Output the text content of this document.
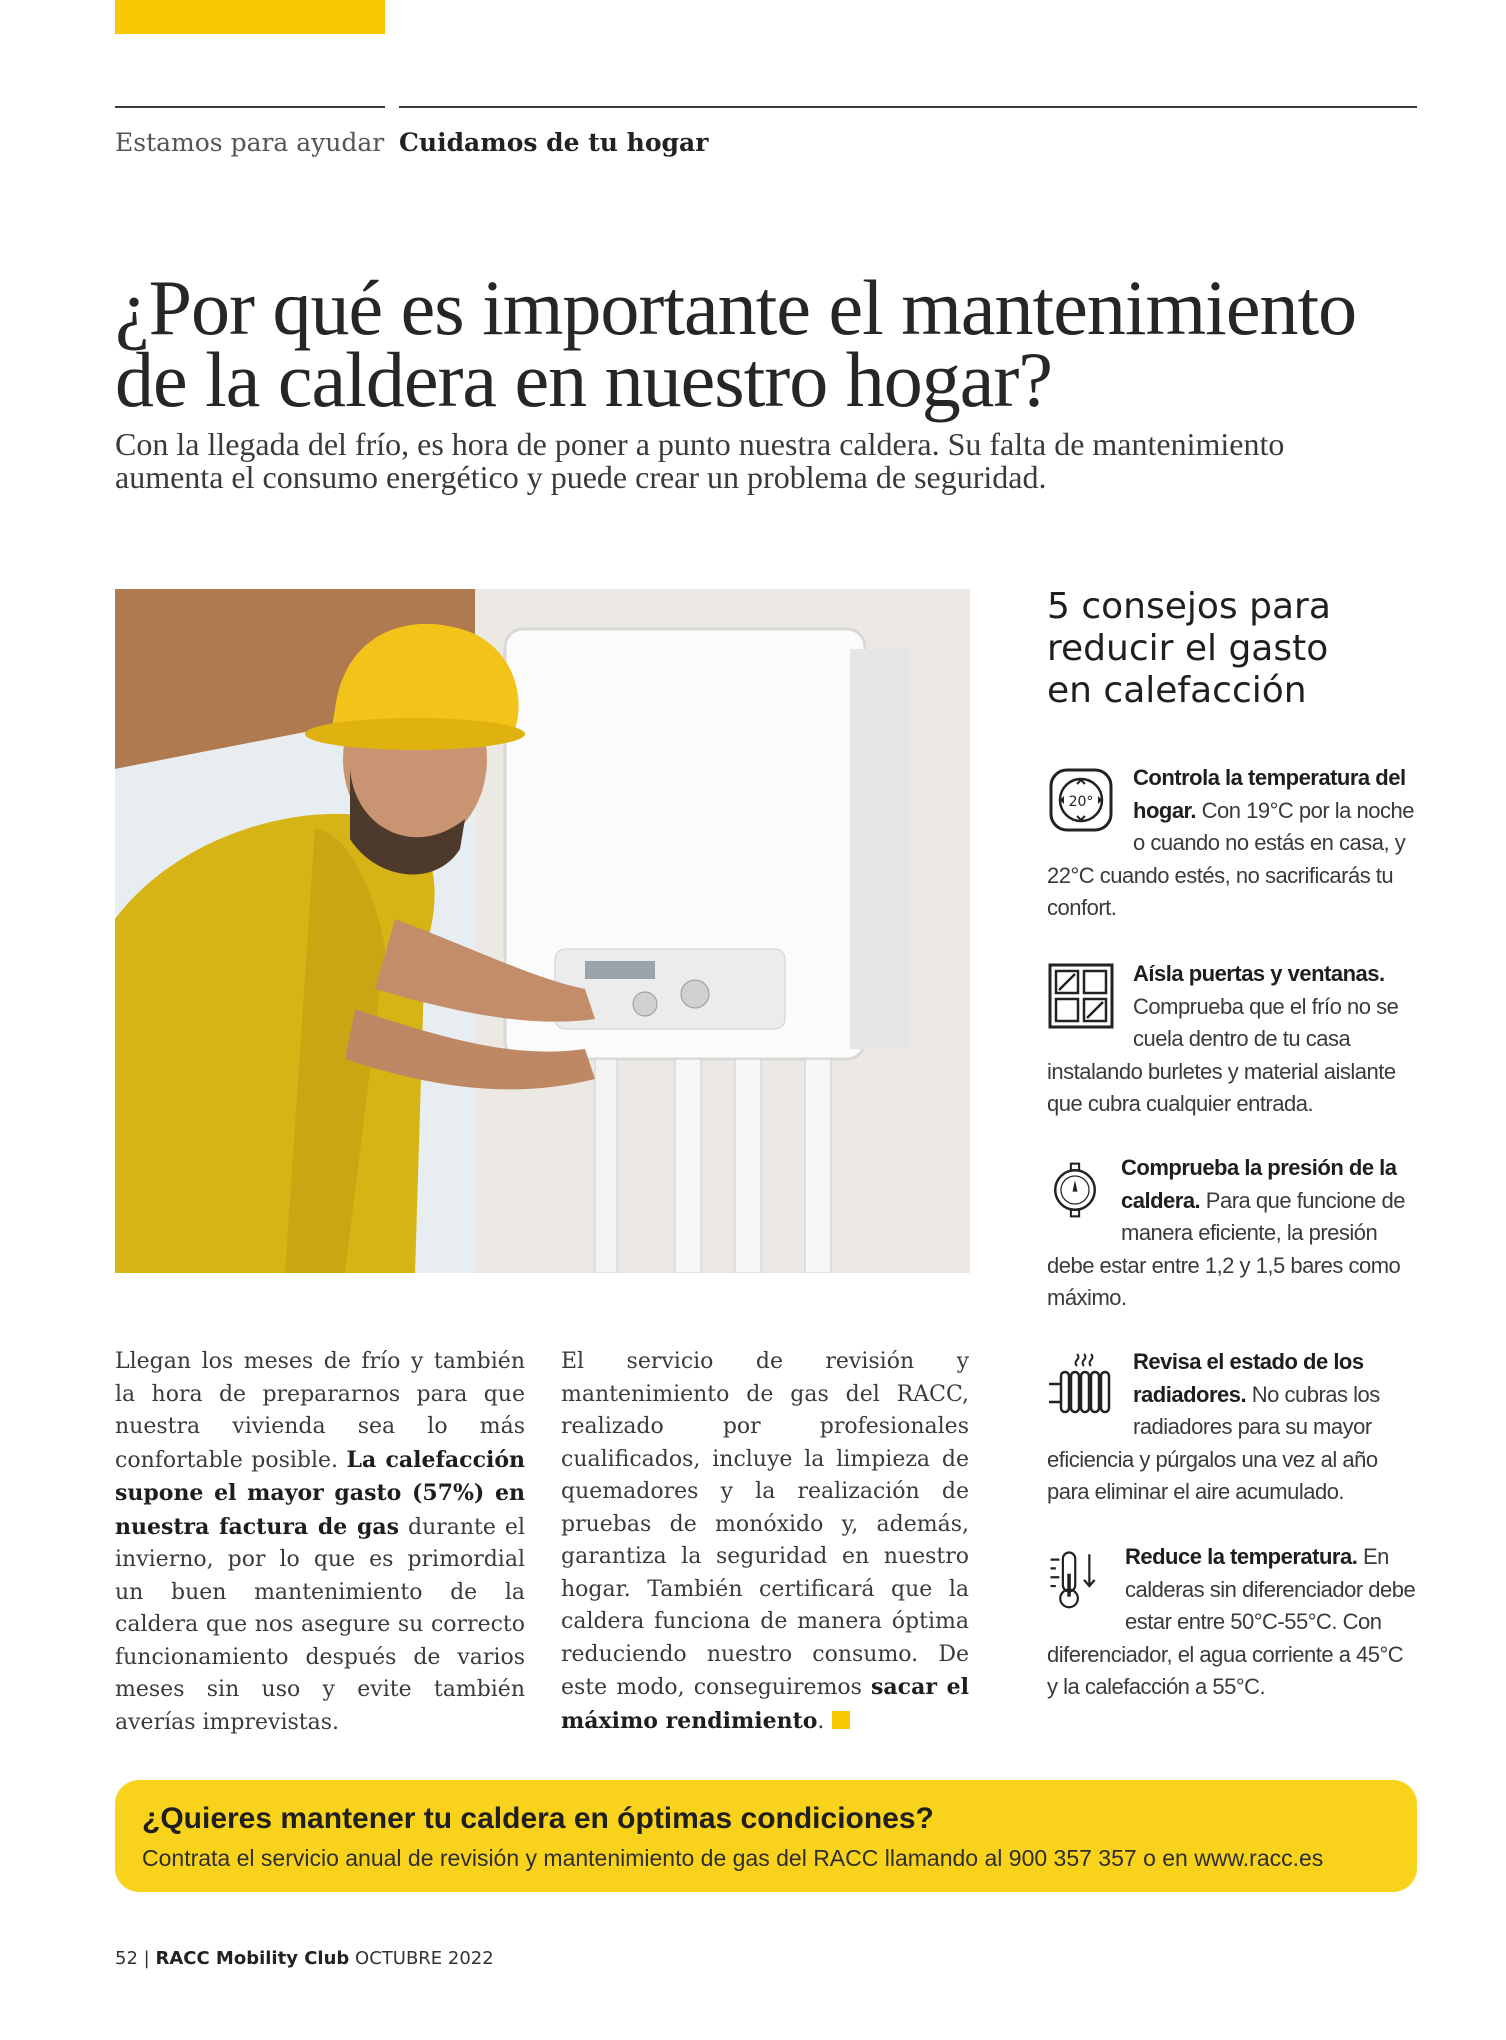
Estamos para ayudar Cuidamos de tu hogar
¿Por qué es importante el mantenimiento
de la caldera en nuestro hogar?
Con la llegada del frío, es hora de poner a punto nuestra caldera. Su falta de mantenimiento
aumenta el consumo energético y puede crear un problema de seguridad.
Llegan los meses de frío y también la hora de prepararnos para que nuestra vivienda sea lo más confortable posible. La calefacción supone el mayor gasto (57%) en nuestra factura de gas durante el invierno, por lo que es primordial un buen mantenimiento de la caldera que nos asegure su correcto funcionamiento después de varios meses sin uso y evite también averías imprevistas.
El servicio de revisión y mantenimiento de gas del RACC, realizado por profesionales cualificados, incluye la limpieza de quemadores y la realización de pruebas de monóxido y, además, garantiza la seguridad en nuestro hogar. También certificará que la caldera funciona de manera óptima reduciendo nuestro consumo. De este modo, conseguiremos sacar el máximo rendimiento.
5 consejos para
reducir el gasto
en calefacción
20°
Controla la temperatura del hogar. Con 19°C por la noche o cuando no estás en casa, y 22°C cuando estés, no sacrificarás tu confort.
Aísla puertas y ventanas. Comprueba que el frío no se cuela dentro de tu casa instalando burletes y material aislante que cubra cualquier entrada.
Comprueba la presión de la caldera. Para que funcione de manera eficiente, la presión debe estar entre 1,2 y 1,5 bares como máximo.
Revisa el estado de los radiadores. No cubras los radiadores para su mayor eficiencia y púrgalos una vez al año para eliminar el aire acumulado.
Reduce la temperatura. En calderas sin diferenciador debe estar entre 50°C-55°C. Con diferenciador, el agua corriente a 45°C y la calefacción a 55°C.
¿Quieres mantener tu caldera en óptimas condiciones?
Contrata el servicio anual de revisión y mantenimiento de gas del RACC llamando al 900 357 357 o en www.racc.es
52 | RACC Mobility Club OCTUBRE 2022
